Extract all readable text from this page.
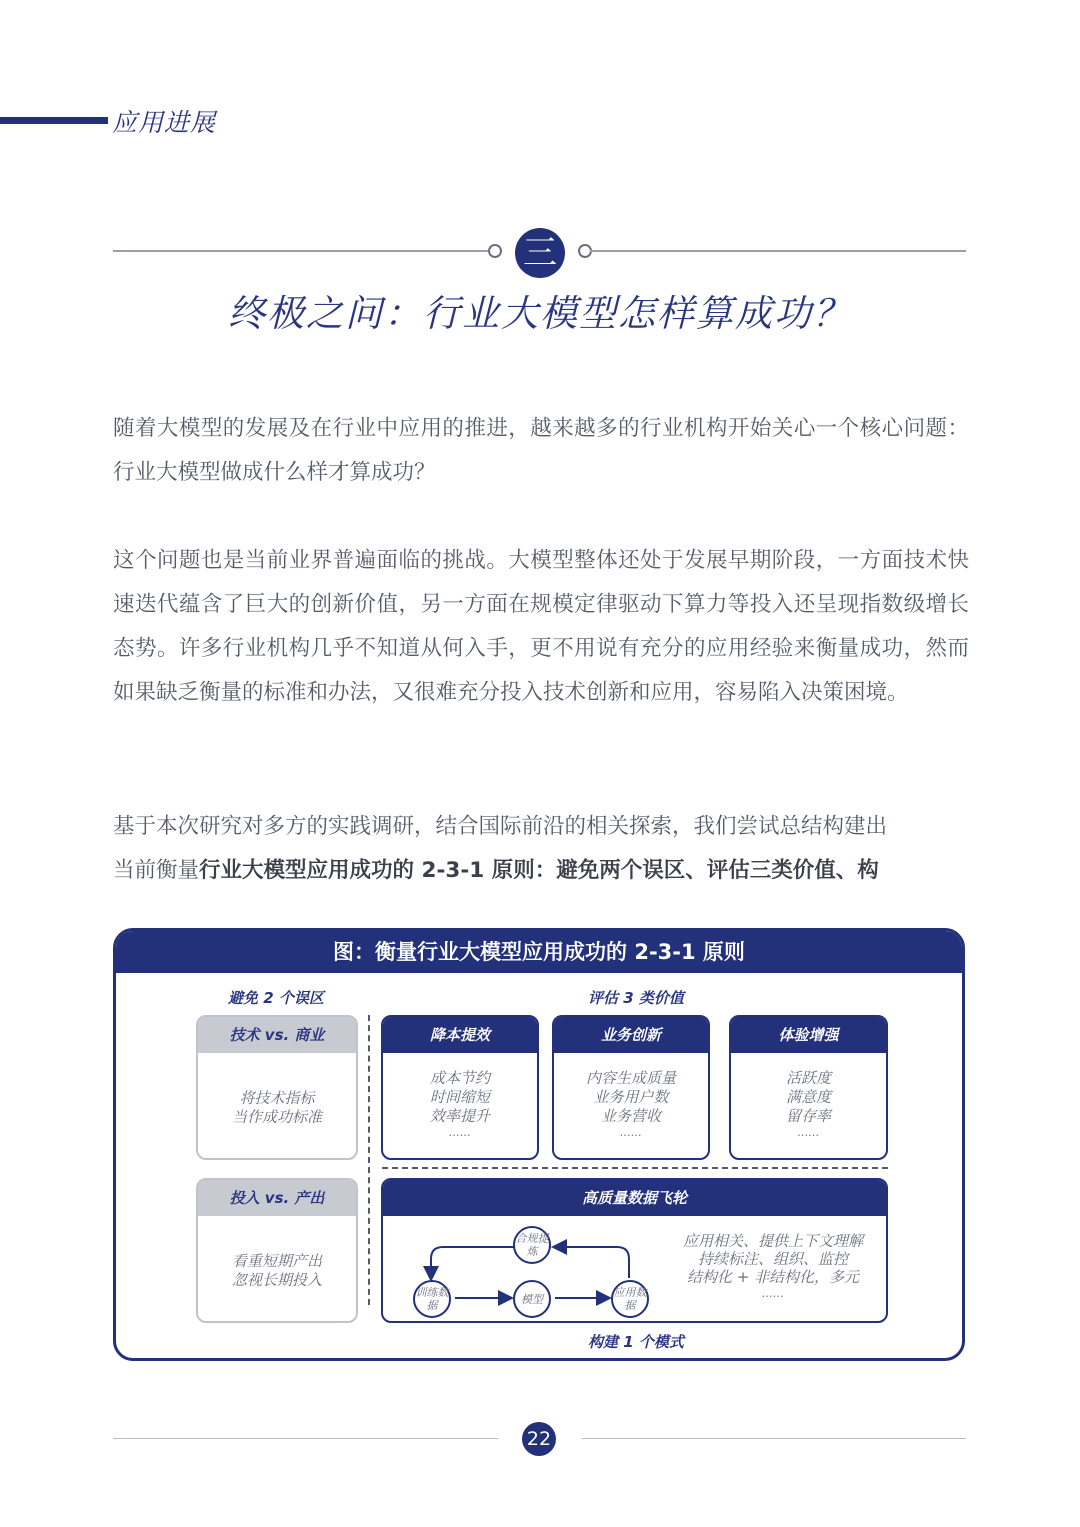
应用进展
三
终极之问：行业大模型怎样算成功？
随着大模型的发展及在行业中应用的推进，越来越多的行业机构开始关心一个核心问题：行业大模型做成什么样才算成功？
这个问题也是当前业界普遍面临的挑战。大模型整体还处于发展早期阶段，一方面技术快速迭代蕴含了巨大的创新价值，另一方面在规模定律驱动下算力等投入还呈现指数级增长态势。许多行业机构几乎不知道从何入手，更不用说有充分的应用经验来衡量成功，然而如果缺乏衡量的标准和办法，又很难充分投入技术创新和应用，容易陷入决策困境。
基于本次研究对多方的实践调研，结合国际前沿的相关探索，我们尝试总结构建出
当前衡量行业大模型应用成功的 2-3-1 原则：避免两个误区、评估三类价值、构
图：衡量行业大模型应用成功的 2-3-1 原则
避免 2 个误区	评估 3 类价值
技术 vs. 商业
将技术指标
当作成功标准
投入 vs. 产出
看重短期产出
忽视长期投入
降本提效
成本节约
时间缩短
效率提升
……
业务创新
内容生成质量
业务用户数
业务营收
……
体验增强
活跃度
满意度
留存率
……
高质量数据飞轮
合规提炼
训练数据	模型	应用数据
应用相关、提供上下文理解
持续标注、组织、监控
结构化 + 非结构化，多元
……
构建 1 个模式
22
